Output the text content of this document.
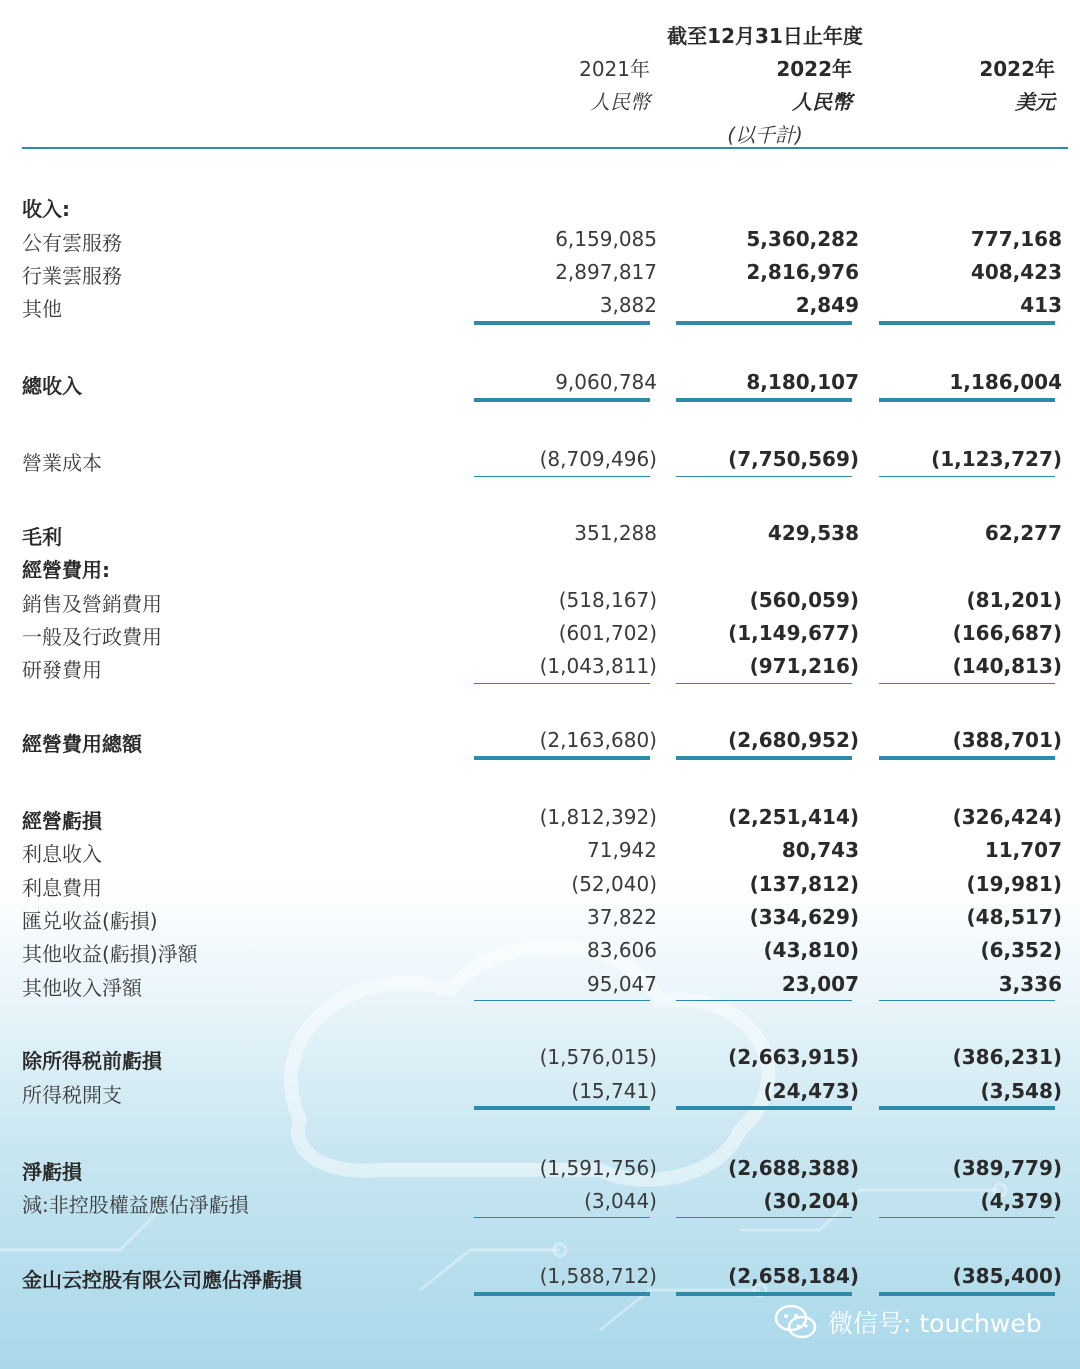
截至12月31日止年度
2021年	2022年	2022年
人民幣	人民幣	美元
(以千計)
收入:
公有雲服務	6,159,085	5,360,282	777,168
行業雲服務	2,897,817	2,816,976	408,423
其他	3,882	2,849	413
總收入	9,060,784	8,180,107	1,186,004
營業成本	(8,709,496)	(7,750,569)	(1,123,727)
毛利	351,288	429,538	62,277
經營費用:
銷售及營銷費用	(518,167)	(560,059)	(81,201)
一般及行政費用	(601,702)	(1,149,677)	(166,687)
研發費用	(1,043,811)	(971,216)	(140,813)
經營費用總額	(2,163,680)	(2,680,952)	(388,701)
經營虧損	(1,812,392)	(2,251,414)	(326,424)
利息收入	71,942	80,743	11,707
利息費用	(52,040)	(137,812)	(19,981)
匯兑收益(虧損)	37,822	(334,629)	(48,517)
其他收益(虧損)淨額	83,606	(43,810)	(6,352)
其他收入淨額	95,047	23,007	3,336
除所得税前虧損	(1,576,015)	(2,663,915)	(386,231)
所得税開支	(15,741)	(24,473)	(3,548)
淨虧損	(1,591,756)	(2,688,388)	(389,779)
減:非控股權益應佔淨虧損	(3,044)	(30,204)	(4,379)
金山云控股有限公司應佔淨虧損	(1,588,712)	(2,658,184)	(385,400)
微信号: touchweb
